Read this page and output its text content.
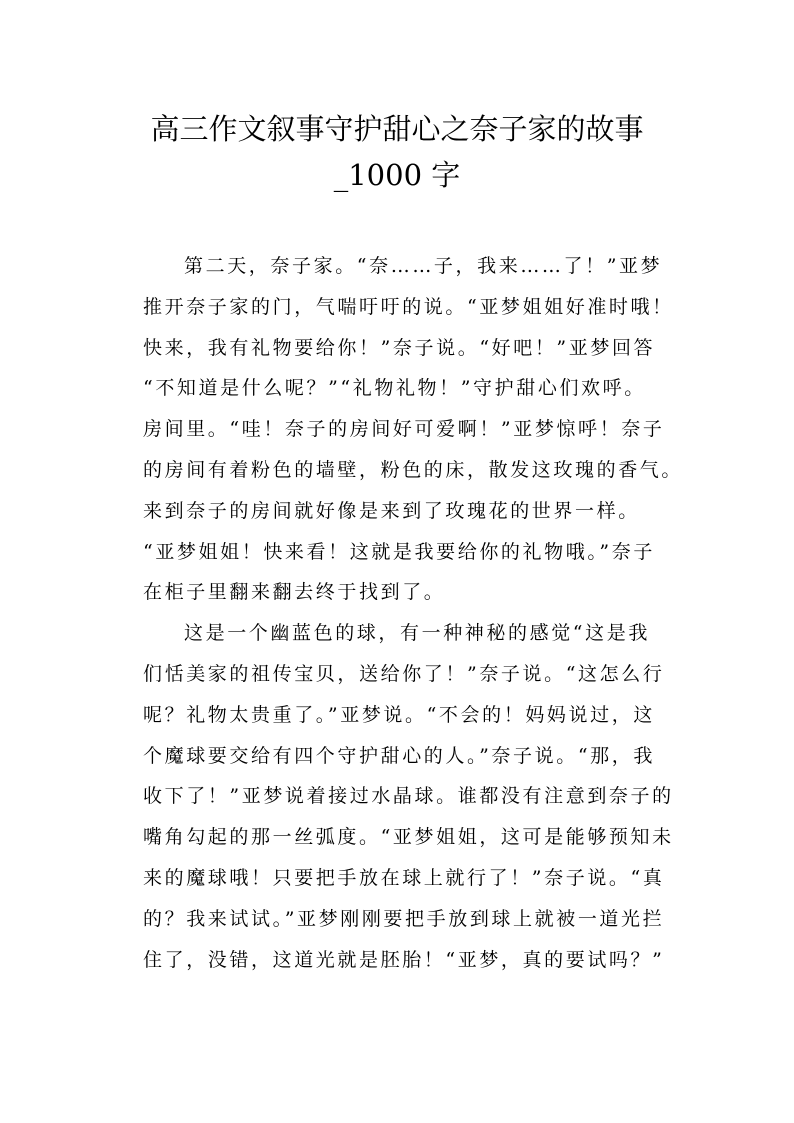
高三作文叙事守护甜心之奈子家的故事
_1000 字
第二天，奈子家。“奈……子，我来……了！”亚梦
推开奈子家的门，气喘吁吁的说。“亚梦姐姐好准时哦！
快来，我有礼物要给你！”奈子说。“好吧！”亚梦回答
“不知道是什么呢？”“礼物礼物！”守护甜心们欢呼。
房间里。“哇！奈子的房间好可爱啊！”亚梦惊呼！奈子
的房间有着粉色的墙壁，粉色的床，散发这玫瑰的香气。
来到奈子的房间就好像是来到了玫瑰花的世界一样。
“亚梦姐姐！快来看！这就是我要给你的礼物哦。”奈子
在柜子里翻来翻去终于找到了。
这是一个幽蓝色的球，有一种神秘的感觉“这是我
们恬美家的祖传宝贝，送给你了！”奈子说。“这怎么行
呢？礼物太贵重了。”亚梦说。“不会的！妈妈说过，这
个魔球要交给有四个守护甜心的人。”奈子说。“那，我
收下了！”亚梦说着接过水晶球。谁都没有注意到奈子的
嘴角勾起的那一丝弧度。“亚梦姐姐，这可是能够预知未
来的魔球哦！只要把手放在球上就行了！”奈子说。“真
的？我来试试。”亚梦刚刚要把手放到球上就被一道光拦
住了，没错，这道光就是胚胎！“亚梦，真的要试吗？”
